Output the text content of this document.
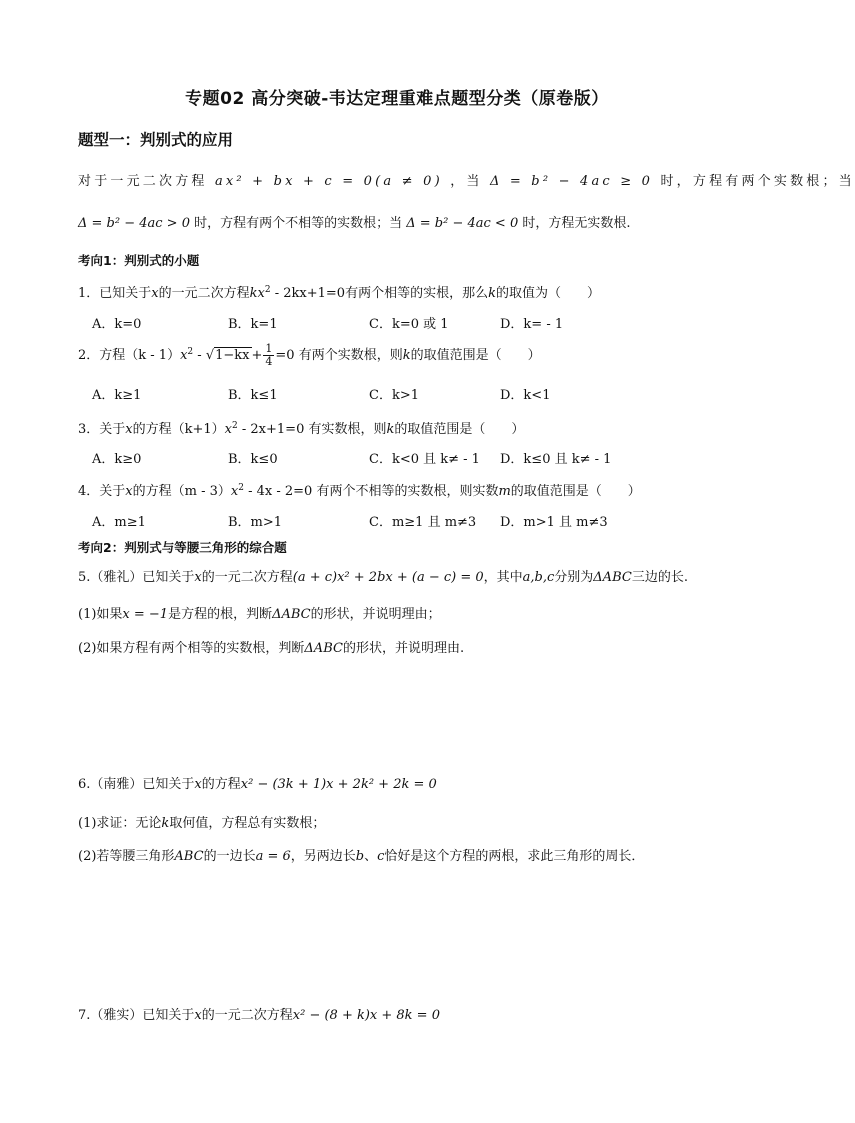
专题02 高分突破-韦达定理重难点题型分类（原卷版）
题型一：判别式的应用
对于一元二次方程 ax² + bx + c = 0(a ≠ 0) ，当 Δ = b² − 4ac ≥ 0 时，方程有两个实数根；当
Δ = b² − 4ac > 0 时，方程有两个不相等的实数根；当 Δ = b² − 4ac < 0 时，方程无实数根.
考向1：判别式的小题
1．已知关于x的一元二次方程$kx^2 - 2kx+1=0$有两个相等的实根，那么k的取值为（　　）
A．k=0	B．k=1	C．k=0 或 1	D．k= - 1
2．方程$(k - 1)x^2 - √1-kx + \frac{1}{4} =0$ 有两个实数根，则k的取值范围是（　　）
A．k≥1	B．k≤1	C．k>1	D．k<1
3．关于x的方程$(k+1)x^2 - 2x+1=0$ 有实数根，则k的取值范围是（　　）
A．k≥0	B．k≤0	C．k<0 且 k≠ - 1 D．k≤0 且 k≠ - 1
4．关于x的方程$(m - 3)x^2 - 4x - 2=0$ 有两个不相等的实数根，则实数m的取值范围是（　　）
A．m≥1	B．m>1	C．m≥1 且 m≠3 D．m>1 且 m≠3
考向2：判别式与等腰三角形的综合题
5.（雅礼）已知关于x的一元二次方程(a + c)x² + 2bx + (a − c) = 0，其中a,b,c分别为ΔABC三边的长.
(1)如果x = −1是方程的根，判断ΔABC的形状，并说明理由；
(2)如果方程有两个相等的实数根，判断ΔABC的形状，并说明理由.
6.（南雅）已知关于x的方程x² − (3k + 1)x + 2k² + 2k = 0
(1)求证：无论k取何值，方程总有实数根；
(2)若等腰三角形ABC的一边长a = 6，另两边长b、c恰好是这个方程的两根，求此三角形的周长．
7.（雅实）已知关于x的一元二次方程x² − (8 + k)x + 8k = 0
